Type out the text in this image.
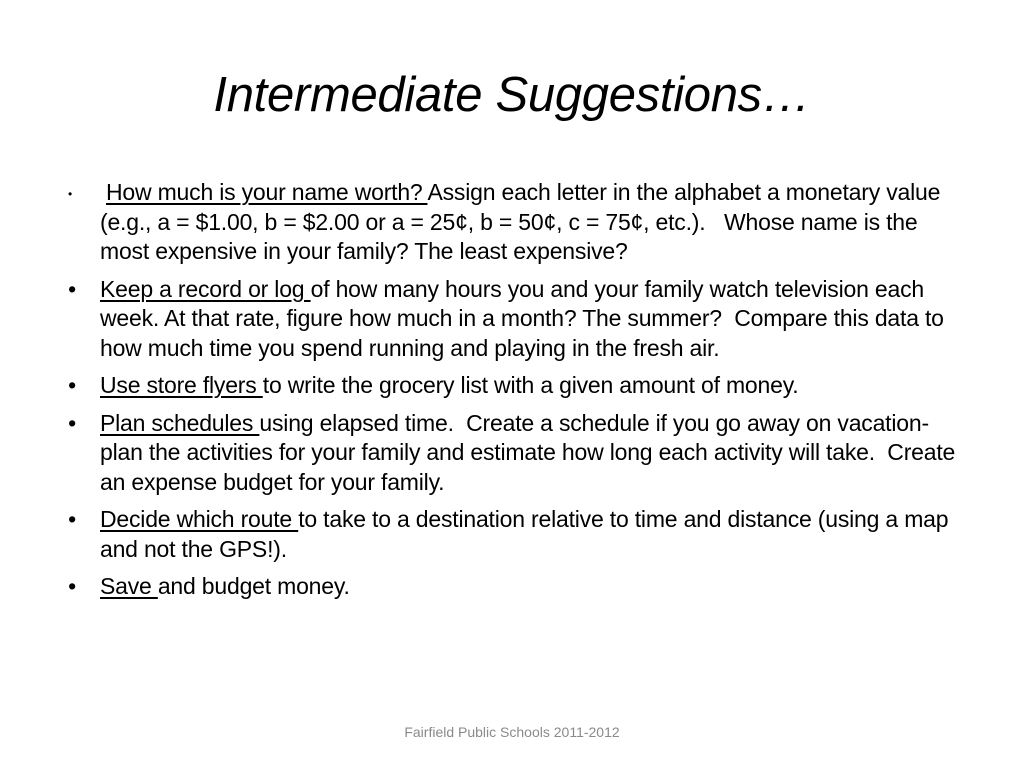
Intermediate Suggestions…
•	How much is your name worth? Assign each letter in the alphabet a monetary value (e.g., a = $1.00, b = $2.00 or a = 25¢, b = 50¢, c = 75¢, etc.).   Whose name is the most expensive in your family? The least expensive?
• Keep a record or log of how many hours you and your family watch television each week. At that rate, figure how much in a month? The summer?  Compare this data to how much time you spend running and playing in the fresh air.
• Use store flyers to write the grocery list with a given amount of money.
• Plan schedules using elapsed time.  Create a schedule if you go away on vacation- plan the activities for your family and estimate how long each activity will take.  Create an expense budget for your family.
• Decide which route to take to a destination relative to time and distance (using a map and not the GPS!).
• Save and budget money.
Fairfield Public Schools 2011-2012
